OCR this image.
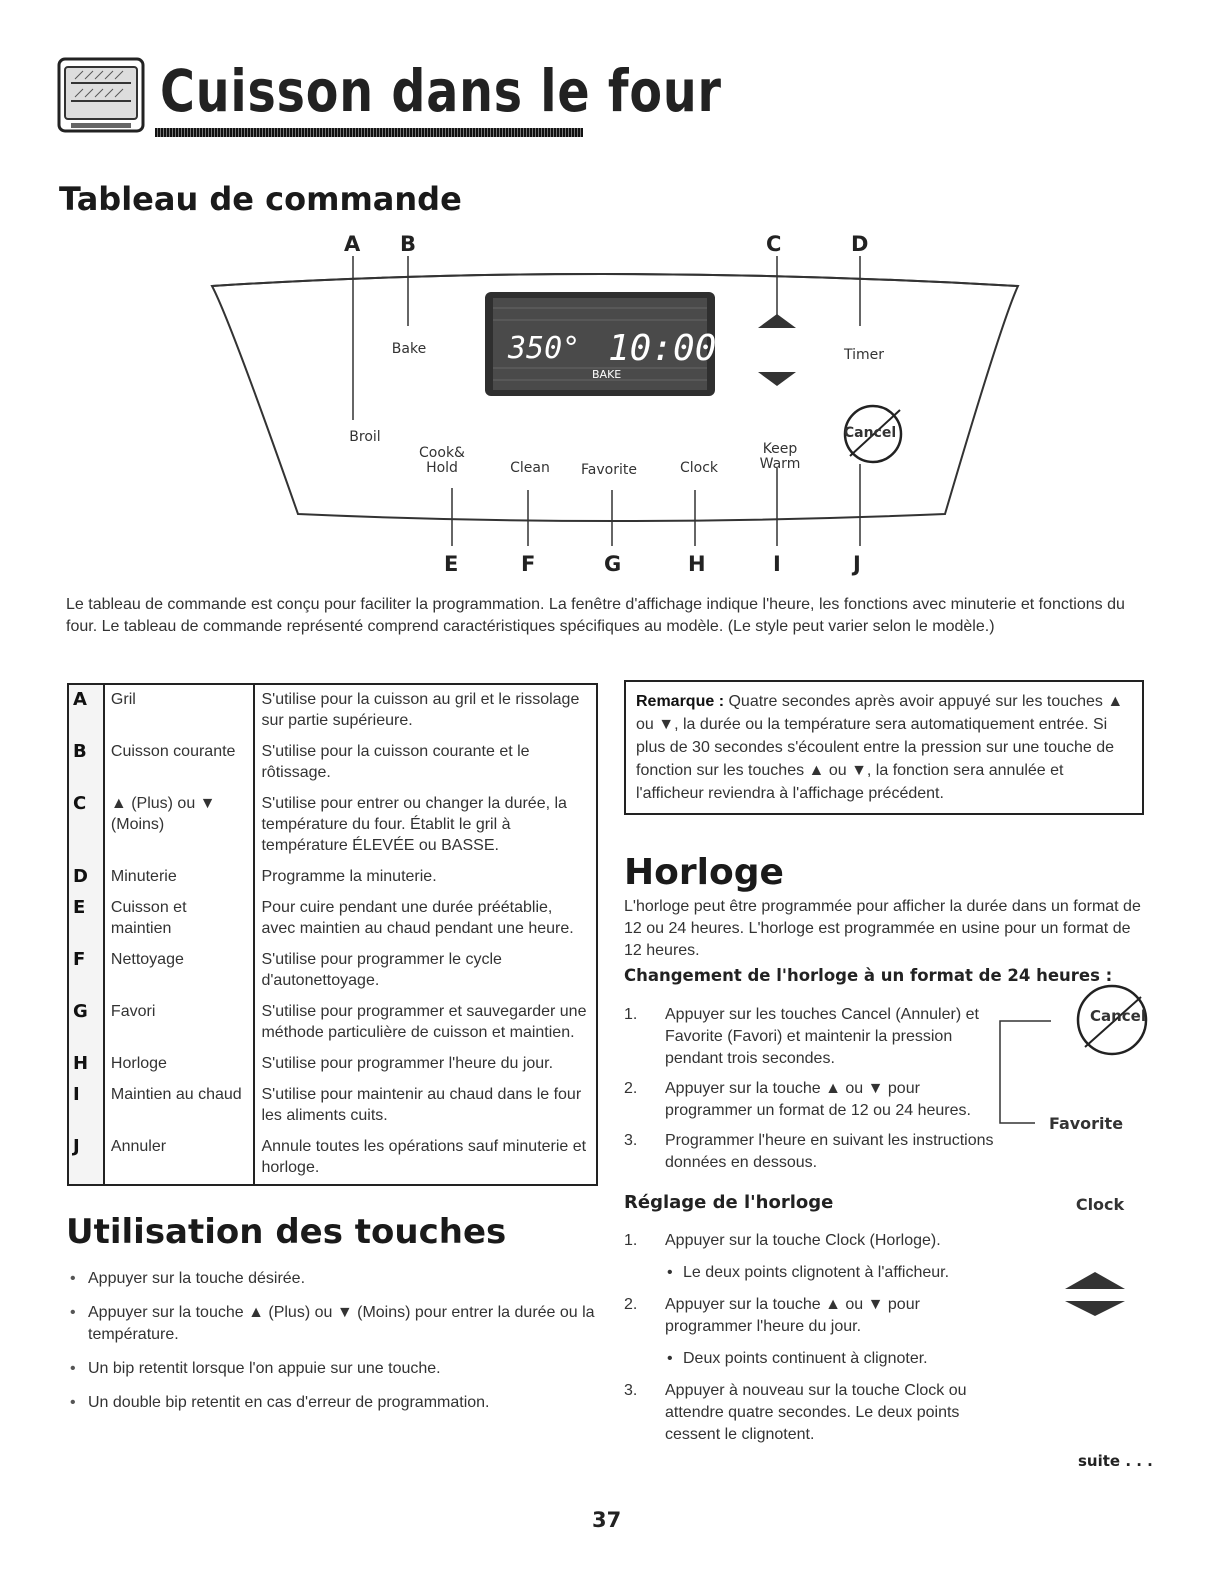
Cuisson dans le four
Tableau de commande
350° 10:00
BAKE
A B	C	D
E	F	G	H	I	J
Bake	Timer
Broil
Cook&
Hold	Clean	Favorite	Clock
Keep
Warm
Cancel
Le tableau de commande est conçu pour faciliter la programmation. La fenêtre d'affichage indique l'heure, les fonctions avec minuterie et fonctions du four. Le tableau de commande représenté comprend caractéristiques spécifiques au modèle. (Le style peut varier selon le modèle.)
A	Gril	S'utilise pour la cuisson au gril et le rissolage sur partie supérieure.
B	Cuisson courante	S'utilise pour la cuisson courante et le rôtissage.
C	▲ (Plus) ou ▼ (Moins)	S'utilise pour entrer ou changer la durée, la température du four. Établit le gril à température ÉLEVÉE ou BASSE.
D	Minuterie	Programme la minuterie.
E	Cuisson et maintien	Pour cuire pendant une durée préétablie, avec maintien au chaud pendant une heure.
F	Nettoyage	S'utilise pour programmer le cycle d'autonettoyage.
G	Favori	S'utilise pour programmer et sauvegarder une méthode particulière de cuisson et maintien.
H	Horloge	S'utilise pour programmer l'heure du jour.
I	Maintien au chaud	S'utilise pour maintenir au chaud dans le four les aliments cuits.
J	Annuler	Annule toutes les opérations sauf minuterie et horloge.
Utilisation des touches
• Appuyer sur la touche désirée.
• Appuyer sur la touche ▲ (Plus) ou ▼ (Moins) pour entrer la durée ou la température.
• Un bip retentit lorsque l'on appuie sur une touche.
• Un double bip retentit en cas d'erreur de programmation.
Remarque : Quatre secondes après avoir appuyé sur les touches ▲ ou ▼, la durée ou la température sera automatiquement entrée. Si plus de 30 secondes s'écoulent entre la pression sur une touche de fonction sur les touches ▲ ou ▼, la fonction sera annulée et l'afficheur reviendra à l'affichage précédent.
Horloge
L'horloge peut être programmée pour afficher la durée dans un format de 12 ou 24 heures. L'horloge est programmée en usine pour un format de 12 heures.
Changement de l'horloge à un format de 24 heures :
1. Appuyer sur les touches Cancel (Annuler) et Favorite (Favori) et maintenir la pression pendant trois secondes.
2. Appuyer sur la touche ▲ ou ▼ pour programmer un format de 12 ou 24 heures.
3. Programmer l'heure en suivant les instructions données en dessous.
Réglage de l'horloge
1. Appuyer sur la touche Clock (Horloge).
• Le deux points clignotent à l'afficheur.
2. Appuyer sur la touche ▲ ou ▼ pour programmer l'heure du jour.
• Deux points continuent à clignoter.
3. Appuyer à nouveau sur la touche Clock ou attendre quatre secondes. Le deux points cessent le clignotent.
Cancel
Favorite
Clock
suite . . .
37
